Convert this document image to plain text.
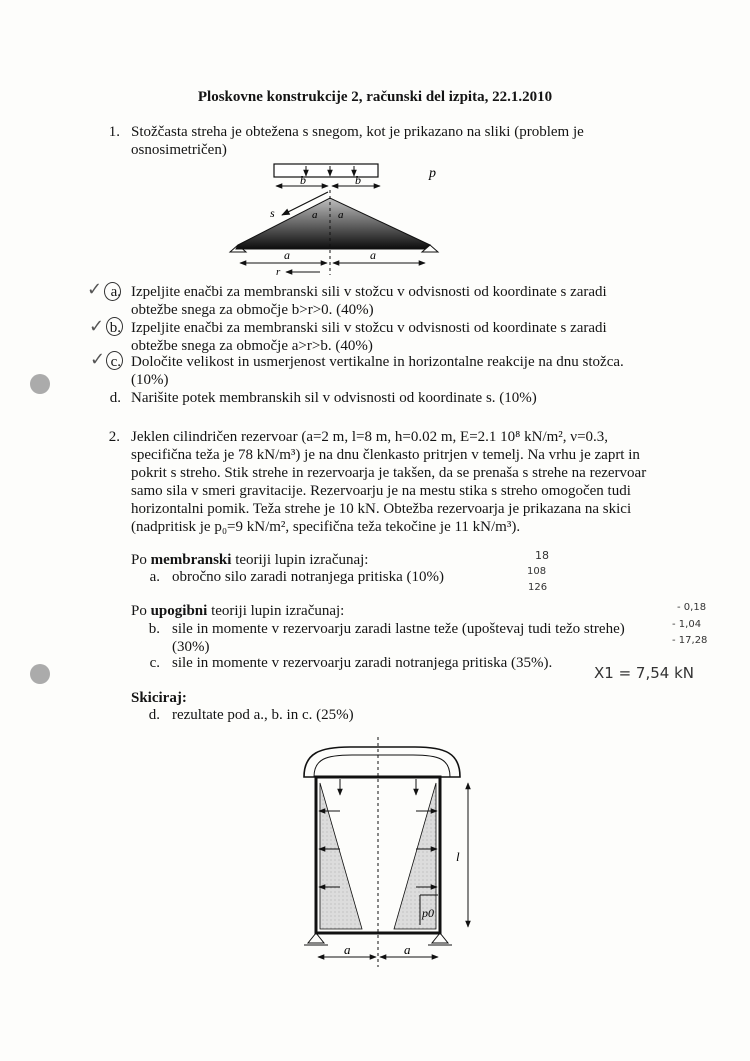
Ploskovne konstrukcije 2, računski del izpita, 22.1.2010
1. Stožčasta streha je obtežena s snegom, kot je prikazano na sliki (problem je
osnosimetričen)
b	b	p
s	a a
a	a
r
✓
✓
✓
a. Izpeljite enačbi za membranski sili v stožcu v odvisnosti od koordinate s zaradi
obtežbe snega za območje b>r>0. (40%)
b. Izpeljite enačbi za membranski sili v stožcu v odvisnosti od koordinate s zaradi
obtežbe snega za območje a>r>b. (40%)
c. Določite velikost in usmerjenost vertikalne in horizontalne reakcije na dnu stožca.
(10%)
d. Narišite potek membranskih sil v odvisnosti od koordinate s. (10%)
2. Jeklen cilindričen rezervoar (a=2 m, l=8 m, h=0.02 m, E=2.1 10⁸ kN/m², ν=0.3,
specifična teža je 78 kN/m³) je na dnu členkasto pritrjen v temelj. Na vrhu je zaprt in
pokrit s streho. Stik strehe in rezervoarja je takšen, da se prenaša s strehe na rezervoar
samo sila v smeri gravitacije. Rezervoarju je na mestu stika s streho omogočen tudi
horizontalni pomik. Teža strehe je 10 kN. Obtežba rezervoarja je prikazana na skici
(nadpritisk je p₀=9 kN/m², specifična teža tekočine je 11 kN/m³).
Po membranski teoriji lupin izračunaj:
a. obročno silo zaradi notranjega pritiska (10%)
Po upogibni teoriji lupin izračunaj:
b. sile in momente v rezervoarju zaradi lastne teže (upoštevaj tudi težo strehe)
(30%)
c. sile in momente v rezervoarju zaradi notranjega pritiska (35%).
Skiciraj:
d. rezultate pod a., b. in c. (25%)
18
108
126
- 0,18
- 1,04
- 17,28
X1 = 7,54 kN
p0
l
a	a
